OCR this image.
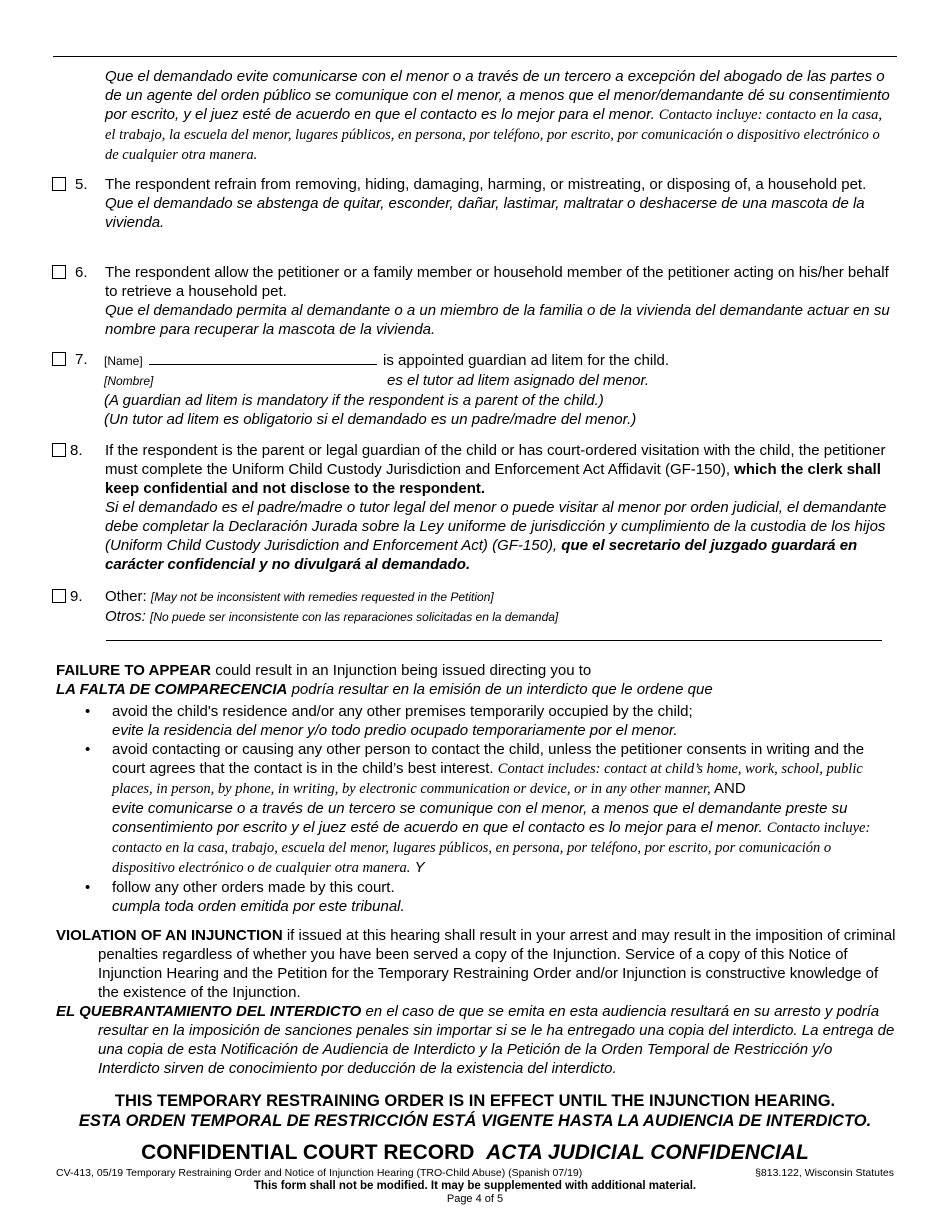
Que el demandado evite comunicarse con el menor o a través de un tercero a excepción del abogado de las partes o de un agente del orden público se comunique con el menor, a menos que el menor/demandante dé su consentimiento por escrito, y el juez esté de acuerdo en que el contacto es lo mejor para el menor. Contacto incluye: contacto en la casa, el trabajo, la escuela del menor, lugares públicos, en persona, por teléfono, por escrito, por comunicación o dispositivo electrónico o de cualquier otra manera.
5. The respondent refrain from removing, hiding, damaging, harming, or mistreating, or disposing of, a household pet.
Que el demandado se abstenga de quitar, esconder, dañar, lastimar, maltratar o deshacerse de una mascota de la vivienda.
6. The respondent allow the petitioner or a family member or household member of the petitioner acting on his/her behalf to retrieve a household pet.
Que el demandado permita al demandante o a un miembro de la familia o de la vivienda del demandante actuar en su nombre para recuperar la mascota de la vivienda.
7. [Name]	is appointed guardian ad litem for the child.
[Nombre]	es el tutor ad litem asignado del menor.
(A guardian ad litem is mandatory if the respondent is a parent of the child.)
(Un tutor ad litem es obligatorio si el demandado es un padre/madre del menor.)
8. If the respondent is the parent or legal guardian of the child or has court-ordered visitation with the child, the petitioner must complete the Uniform Child Custody Jurisdiction and Enforcement Act Affidavit (GF-150), which the clerk shall keep confidential and not disclose to the respondent.
Si el demandado es el padre/madre o tutor legal del menor o puede visitar al menor por orden judicial, el demandante debe completar la Declaración Jurada sobre la Ley uniforme de jurisdicción y cumplimiento de la custodia de los hijos (Uniform Child Custody Jurisdiction and Enforcement Act) (GF-150), que el secretario del juzgado guardará en carácter confidencial y no divulgará al demandado.
9. Other: [May not be inconsistent with remedies requested in the Petition]
Otros: [No puede ser inconsistente con las reparaciones solicitadas en la demanda]
FAILURE TO APPEAR could result in an Injunction being issued directing you to
LA FALTA DE COMPARECENCIA podría resultar en la emisión de un interdicto que le ordene que
• avoid the child's residence and/or any other premises temporarily occupied by the child;
evite la residencia del menor y/o todo predio ocupado temporariamente por el menor.
• avoid contacting or causing any other person to contact the child, unless the petitioner consents in writing and the court agrees that the contact is in the child’s best interest. Contact includes: contact at child’s home, work, school, public places, in person, by phone, in writing, by electronic communication or device, or in any other manner, AND
evite comunicarse o a través de un tercero se comunique con el menor, a menos que el demandante preste su consentimiento por escrito y el juez esté de acuerdo en que el contacto es lo mejor para el menor. Contacto incluye: contacto en la casa, trabajo, escuela del menor, lugares públicos, en persona, por teléfono, por escrito, por comunicación o dispositivo electrónico o de cualquier otra manera. Y
• follow any other orders made by this court.
cumpla toda orden emitida por este tribunal.
VIOLATION OF AN INJUNCTION if issued at this hearing shall result in your arrest and may result in the imposition of criminal penalties regardless of whether you have been served a copy of the Injunction. Service of a copy of this Notice of Injunction Hearing and the Petition for the Temporary Restraining Order and/or Injunction is constructive knowledge of the existence of the Injunction.
EL QUEBRANTAMIENTO DEL INTERDICTO en el caso de que se emita en esta audiencia resultará en su arresto y podría resultar en la imposición de sanciones penales sin importar si se le ha entregado una copia del interdicto. La entrega de una copia de esta Notificación de Audiencia de Interdicto y la Petición de la Orden Temporal de Restricción y/o Interdicto sirven de conocimiento por deducción de la existencia del interdicto.
THIS TEMPORARY RESTRAINING ORDER IS IN EFFECT UNTIL THE INJUNCTION HEARING.
ESTA ORDEN TEMPORAL DE RESTRICCIÓN ESTÁ VIGENTE HASTA LA AUDIENCIA DE INTERDICTO.
CONFIDENTIAL COURT RECORD ACTA JUDICIAL CONFIDENCIAL
CV-413, 05/19 Temporary Restraining Order and Notice of Injunction Hearing (TRO-Child Abuse) (Spanish 07/19)	§813.122, Wisconsin Statutes
This form shall not be modified. It may be supplemented with additional material.
Page 4 of 5
